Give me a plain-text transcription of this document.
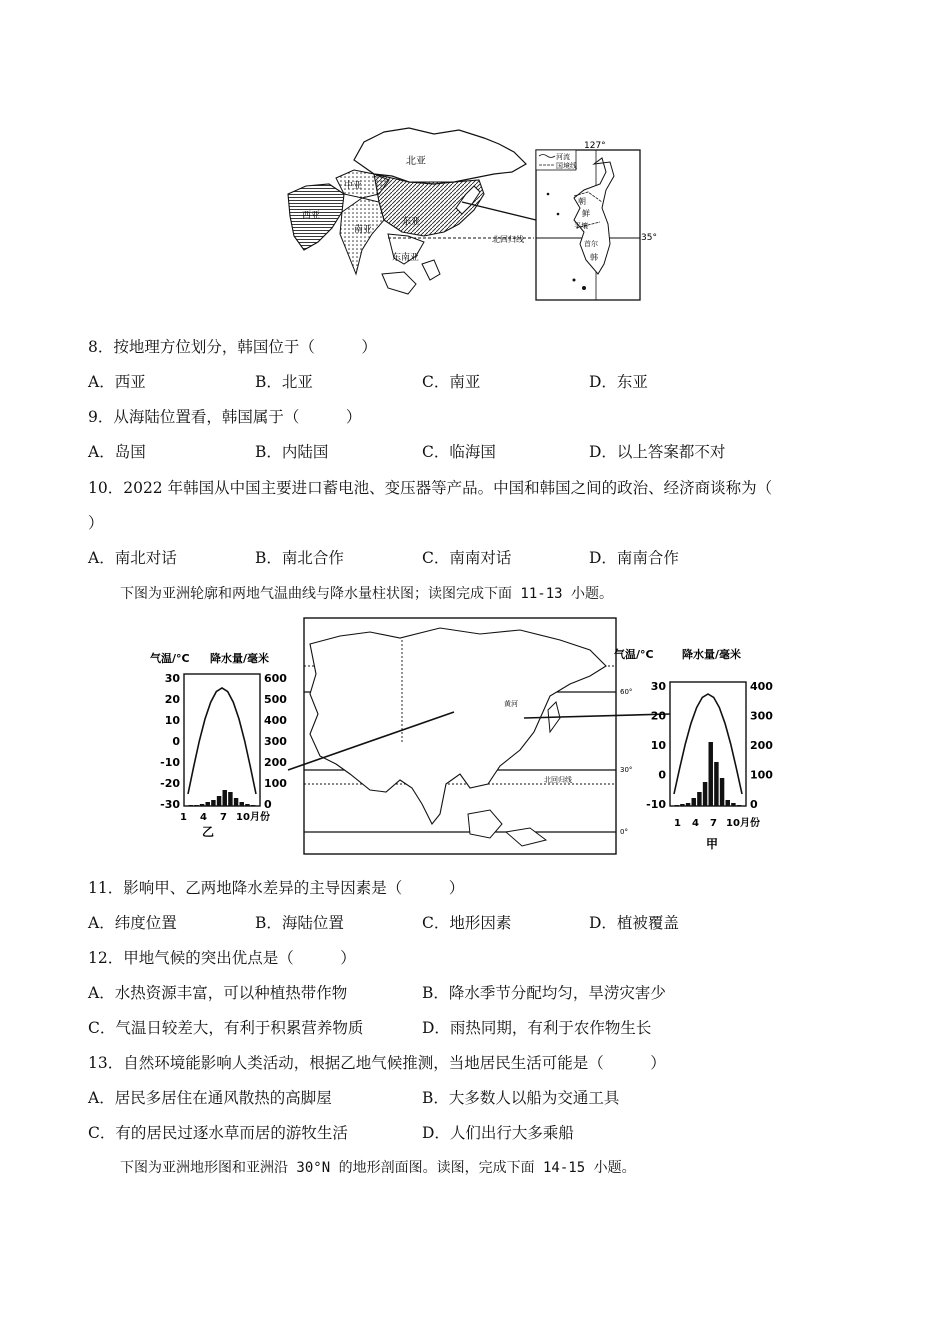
北亚
中亚
西亚
东亚
南亚
东南亚
北回归线
河流
国境线
127°
35°
朝
鲜
平壤
首尔
韩
8．按地理方位划分，韩国位于（　　　）
A．西亚	B．北亚	C．南亚	D．东亚
9．从海陆位置看，韩国属于（　　　）
A．岛国	B．内陆国	C．临海国	D．以上答案都不对
10．2022 年韩国从中国主要进口蓄电池、变压器等产品。中国和韩国之间的政治、经济商谈称为（
）
A．南北对话	B．南北合作	C．南南对话	D．南南合作
下图为亚洲轮廓和两地气温曲线与降水量柱状图；读图完成下面 11-13 小题。
气温/°C 降水量/毫米
30	600
20	500
10	400
0	300
-10	200
-20	100
-30	0
1 4 7 10 月份
乙
60°
30°
北回归线
0°
黄河
气温/°C	降水量/毫米
30	400
20	300
10	200
0	100
-10	0
1 4 7 10 月份
甲
11．影响甲、乙两地降水差异的主导因素是（　　　）
A．纬度位置	B．海陆位置	C．地形因素	D．植被覆盖
12．甲地气候的突出优点是（　　　）
A．水热资源丰富，可以种植热带作物	B．降水季节分配均匀，旱涝灾害少
C．气温日较差大，有利于积累营养物质	D．雨热同期，有利于农作物生长
13．自然环境能影响人类活动，根据乙地气候推测，当地居民生活可能是（　　　）
A．居民多居住在通风散热的高脚屋	B．大多数人以船为交通工具
C．有的居民过逐水草而居的游牧生活	D．人们出行大多乘船
下图为亚洲地形图和亚洲沿 30°N 的地形剖面图。读图，完成下面 14-15 小题。
